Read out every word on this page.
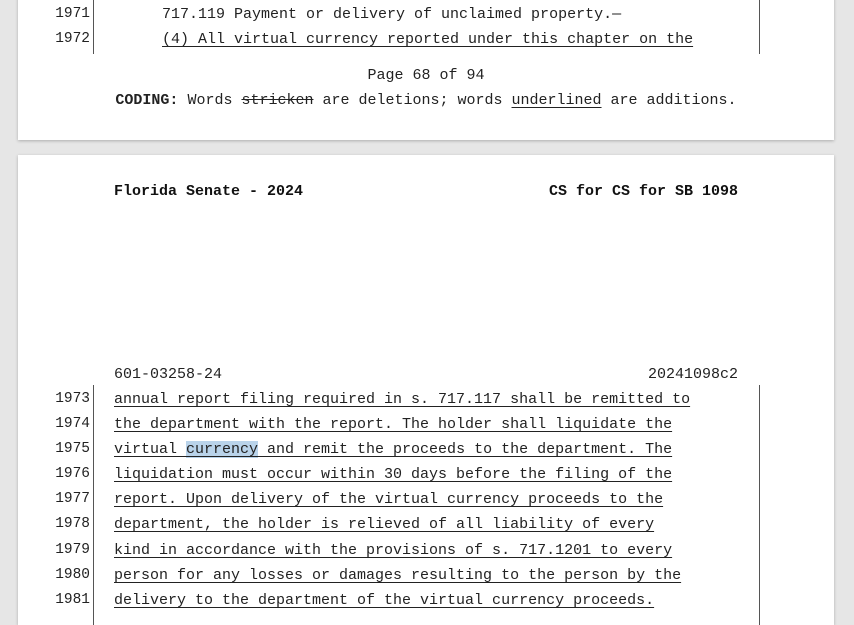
1971	717.119 Payment or delivery of unclaimed property.—
1972	(4) All virtual currency reported under this chapter on the
Page 68 of 94
CODING: Words stricken are deletions; words underlined are additions.
Florida Senate - 2024	CS for CS for SB 1098
601-03258-24	20241098c2
1973 annual report filing required in s. 717.117 shall be remitted to
1974 the department with the report. The holder shall liquidate the
1975 virtual currency and remit the proceeds to the department. The
1976 liquidation must occur within 30 days before the filing of the
1977 report. Upon delivery of the virtual currency proceeds to the
1978 department, the holder is relieved of all liability of every
1979 kind in accordance with the provisions of s. 717.1201 to every
1980 person for any losses or damages resulting to the person by the
1981 delivery to the department of the virtual currency proceeds.
